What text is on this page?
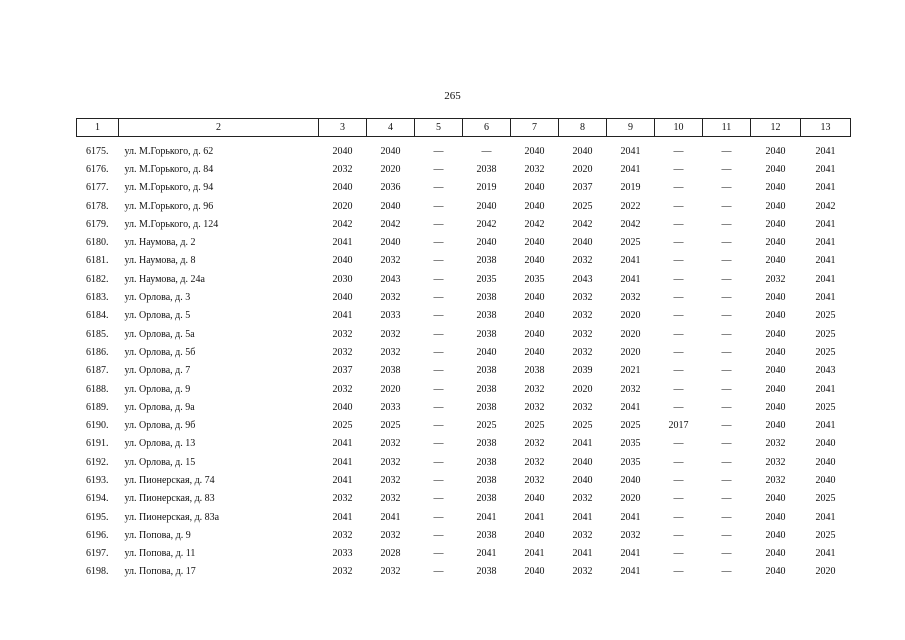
265
1	2	3	4	5	6	7	8	9	10	11	12	13
6175.	ул. М.Горького, д. 62	2040	2040	—	—	2040	2040	2041	—	—	2040	2041
6176.	ул. М.Горького, д. 84	2032	2020	—	2038	2032	2020	2041	—	—	2040	2041
6177.	ул. М.Горького, д. 94	2040	2036	—	2019	2040	2037	2019	—	—	2040	2041
6178.	ул. М.Горького, д. 96	2020	2040	—	2040	2040	2025	2022	—	—	2040	2042
6179.	ул. М.Горького, д. 124	2042	2042	—	2042	2042	2042	2042	—	—	2040	2041
6180.	ул. Наумова, д. 2	2041	2040	—	2040	2040	2040	2025	—	—	2040	2041
6181.	ул. Наумова, д. 8	2040	2032	—	2038	2040	2032	2041	—	—	2040	2041
6182.	ул. Наумова, д. 24а	2030	2043	—	2035	2035	2043	2041	—	—	2032	2041
6183.	ул. Орлова, д. 3	2040	2032	—	2038	2040	2032	2032	—	—	2040	2041
6184.	ул. Орлова, д. 5	2041	2033	—	2038	2040	2032	2020	—	—	2040	2025
6185.	ул. Орлова, д. 5а	2032	2032	—	2038	2040	2032	2020	—	—	2040	2025
6186.	ул. Орлова, д. 5б	2032	2032	—	2040	2040	2032	2020	—	—	2040	2025
6187.	ул. Орлова, д. 7	2037	2038	—	2038	2038	2039	2021	—	—	2040	2043
6188.	ул. Орлова, д. 9	2032	2020	—	2038	2032	2020	2032	—	—	2040	2041
6189.	ул. Орлова, д. 9а	2040	2033	—	2038	2032	2032	2041	—	—	2040	2025
6190.	ул. Орлова, д. 9б	2025	2025	—	2025	2025	2025	2025	2017	—	2040	2041
6191.	ул. Орлова, д. 13	2041	2032	—	2038	2032	2041	2035	—	—	2032	2040
6192.	ул. Орлова, д. 15	2041	2032	—	2038	2032	2040	2035	—	—	2032	2040
6193.	ул. Пионерская, д. 74	2041	2032	—	2038	2032	2040	2040	—	—	2032	2040
6194.	ул. Пионерская, д. 83	2032	2032	—	2038	2040	2032	2020	—	—	2040	2025
6195.	ул. Пионерская, д. 83а	2041	2041	—	2041	2041	2041	2041	—	—	2040	2041
6196.	ул. Попова, д. 9	2032	2032	—	2038	2040	2032	2032	—	—	2040	2025
6197.	ул. Попова, д. 11	2033	2028	—	2041	2041	2041	2041	—	—	2040	2041
6198.	ул. Попова, д. 17	2032	2032	—	2038	2040	2032	2041	—	—	2040	2020
